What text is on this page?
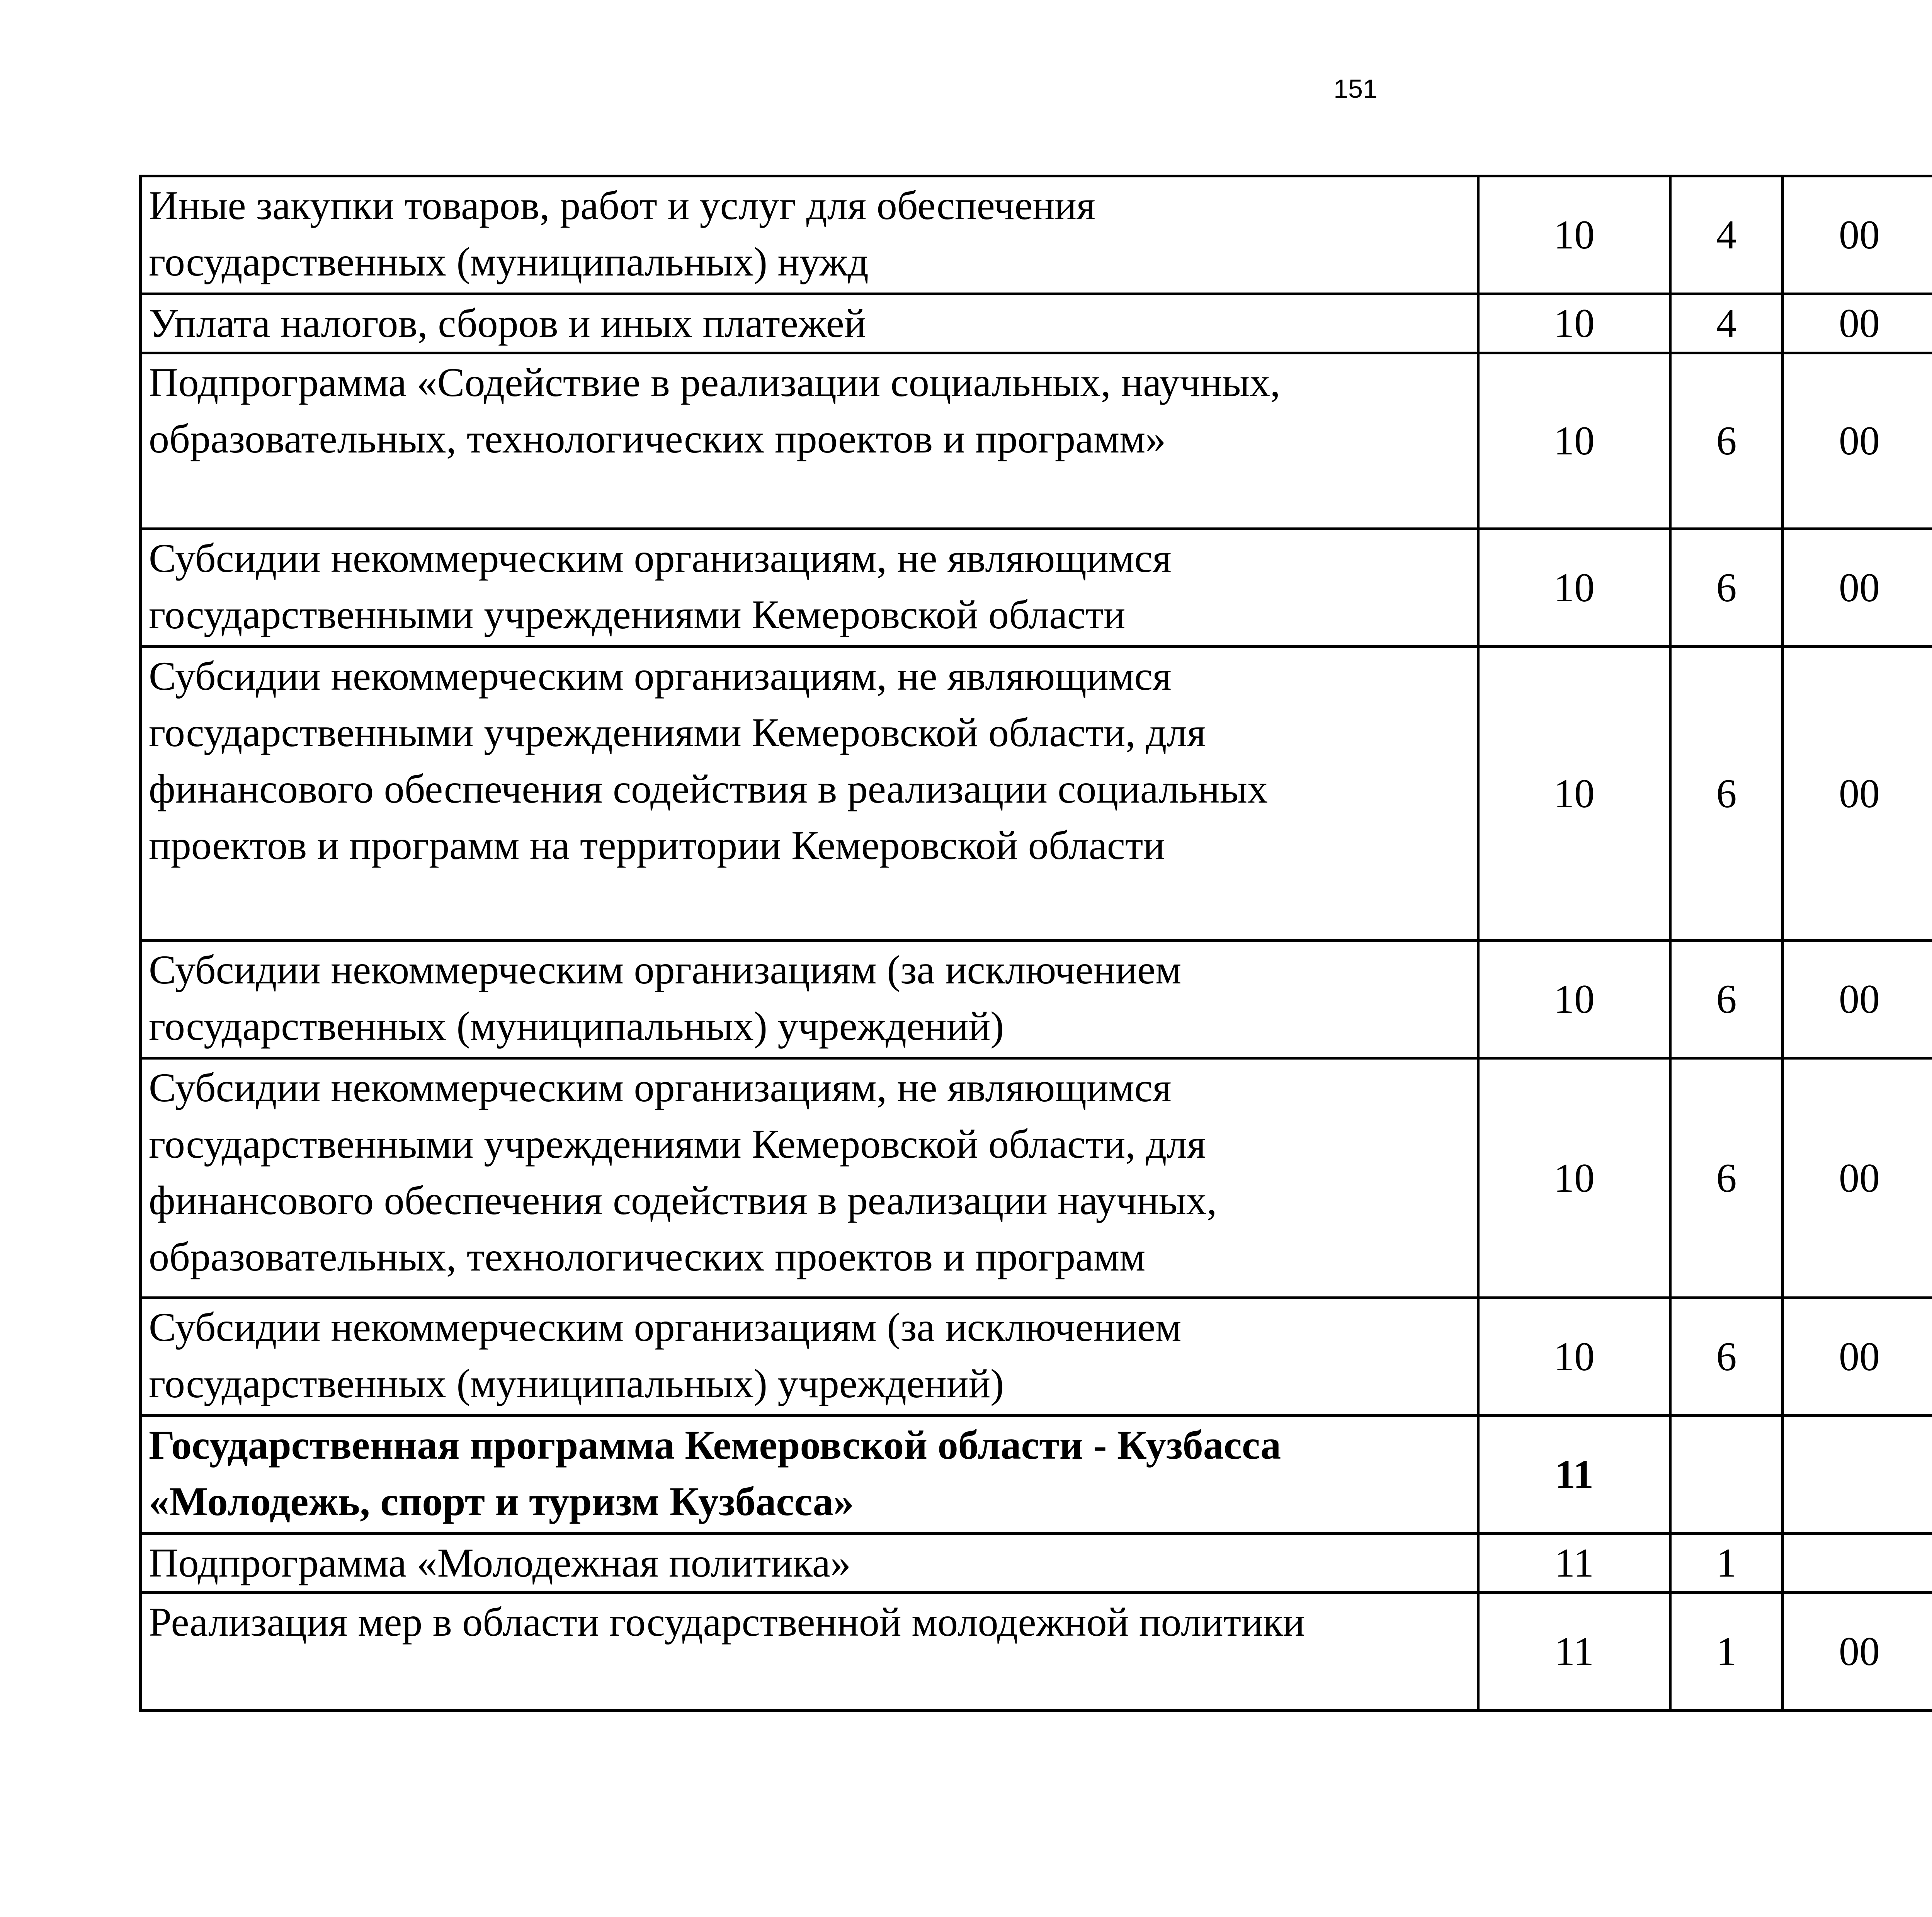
151
Иные закупки товаров, работ и услуг для обеспечения
государственных (муниципальных) нужд	10	4	00			

Уплата налогов, сборов и иных платежей	10	4	00			

Подпрограмма «Содействие в реализации социальных, научных,
образовательных, технологических проектов и программ»	10	6	00			

Субсидии некоммерческим организациям, не являющимся
государственными учреждениями Кемеровской области	10	6	00			

Субсидии некоммерческим организациям, не являющимся
государственными учреждениями Кемеровской области, для
финансового обеспечения содействия в реализации социальных
проектов и программ на территории Кемеровской области	10	6	00			

Субсидии некоммерческим организациям (за исключением
государственных (муниципальных) учреждений)	10	6	00			

Субсидии некоммерческим организациям, не являющимся
государственными учреждениями Кемеровской области, для
финансового обеспечения содействия в реализации научных,
образовательных, технологических проектов и программ	10	6	00			

Субсидии некоммерческим организациям (за исключением
государственных (муниципальных) учреждений)	10	6	00			

Государственная программа Кемеровской области - Кузбасса
«Молодежь, спорт и туризм Кузбасса»	11					

Подпрограмма «Молодежная политика»	11	1				

Реализация мер в области государственной молодежной политики	11	1	00			
